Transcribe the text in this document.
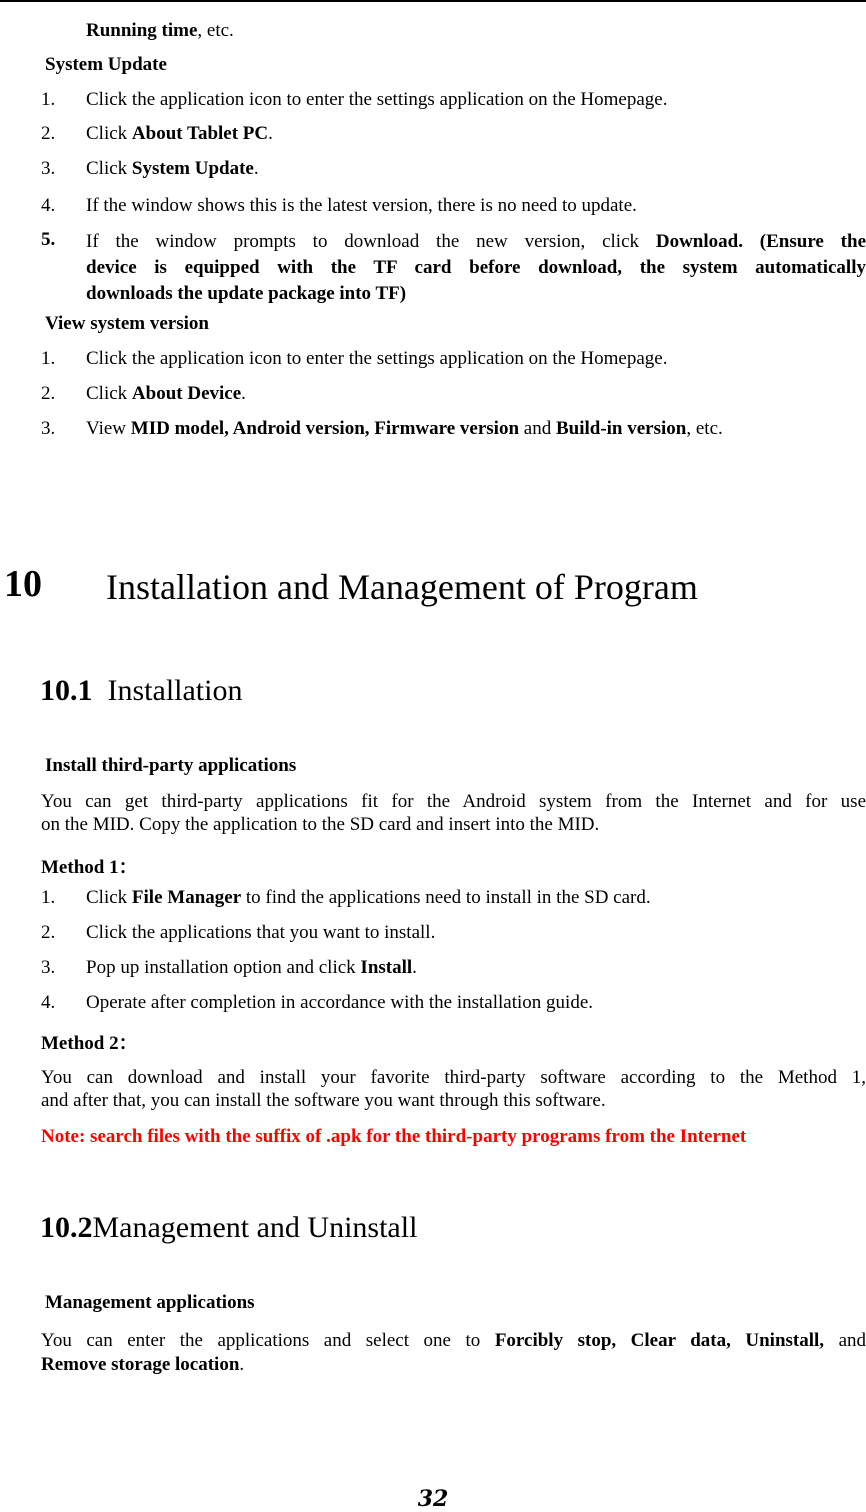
Running time, etc.
System Update
1. Click the application icon to enter the settings application on the Homepage.
2. Click About Tablet PC.
3. Click System Update.
4. If the window shows this is the latest version, there is no need to update.
5. If the window prompts to download the new version, click Download. (Ensure the
device is equipped with the TF card before download, the system automatically
downloads the update package into TF)
View system version
1. Click the application icon to enter the settings application on the Homepage.
2. Click About Device.
3. View MID model, Android version, Firmware version and Build-in version, etc.
10 Installation and Management of Program
10.1 Installation
Install third-party applications
You can get third-party applications fit for the Android system from the Internet and for use
on the MID. Copy the application to the SD card and insert into the MID.
Method 1：
1. Click File Manager to find the applications need to install in the SD card.
2. Click the applications that you want to install.
3. Pop up installation option and click Install.
4. Operate after completion in accordance with the installation guide.
Method 2：
You can download and install your favorite third-party software according to the Method 1,
and after that, you can install the software you want through this software.
Note: search files with the suffix of .apk for the third-party programs from the Internet
10.2Management and Uninstall
Management applications
You can enter the applications and select one to Forcibly stop, Clear data, Uninstall, and
Remove storage location.
32
